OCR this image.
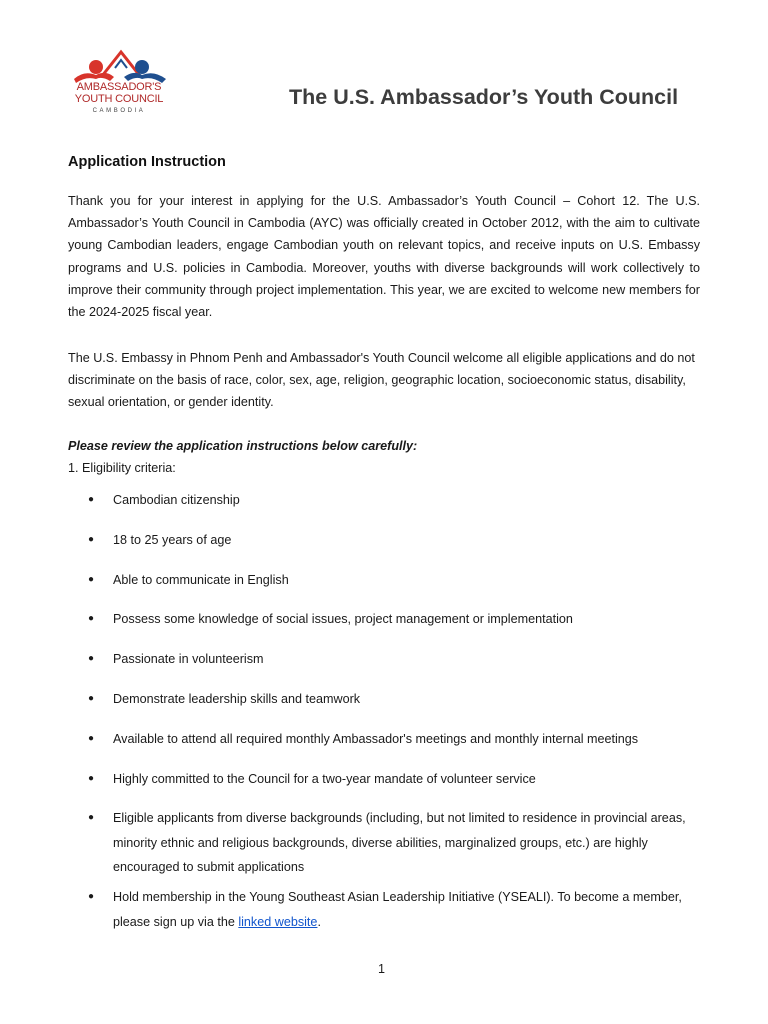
AMBASSADOR'S
YOUTH COUNCIL
CAMBODIA
The U.S. Ambassador’s Youth Council
Application Instruction

Thank you for your interest in applying for the U.S. Ambassador’s Youth Council – Cohort 12. The U.S. Ambassador’s Youth Council in Cambodia (AYC) was officially created in October 2012, with the aim to cultivate young Cambodian leaders, engage Cambodian youth on relevant topics, and receive inputs on U.S. Embassy programs and U.S. policies in Cambodia. Moreover, youths with diverse backgrounds will work collectively to improve their community through project implementation. This year, we are excited to welcome new members for the 2024-2025 fiscal year.

The U.S. Embassy in Phnom Penh and Ambassador's Youth Council welcome all eligible applications and do not discriminate on the basis of race, color, sex, age, religion, geographic location, socioeconomic status, disability, sexual orientation, or gender identity.

Please review the application instructions below carefully:
1. Eligibility criteria:
● Cambodian citizenship
● 18 to 25 years of age
● Able to communicate in English
● Possess some knowledge of social issues, project management or implementation
● Passionate in volunteerism
● Demonstrate leadership skills and teamwork
● Available to attend all required monthly Ambassador's meetings and monthly internal meetings
● Highly committed to the Council for a two-year mandate of volunteer service
● Eligible applicants from diverse backgrounds (including, but not limited to residence in provincial areas, minority ethnic and religious backgrounds, diverse abilities, marginalized groups, etc.) are highly encouraged to submit applications
● Hold membership in the Young Southeast Asian Leadership Initiative (YSEALI). To become a member, please sign up via the linked website.
1
